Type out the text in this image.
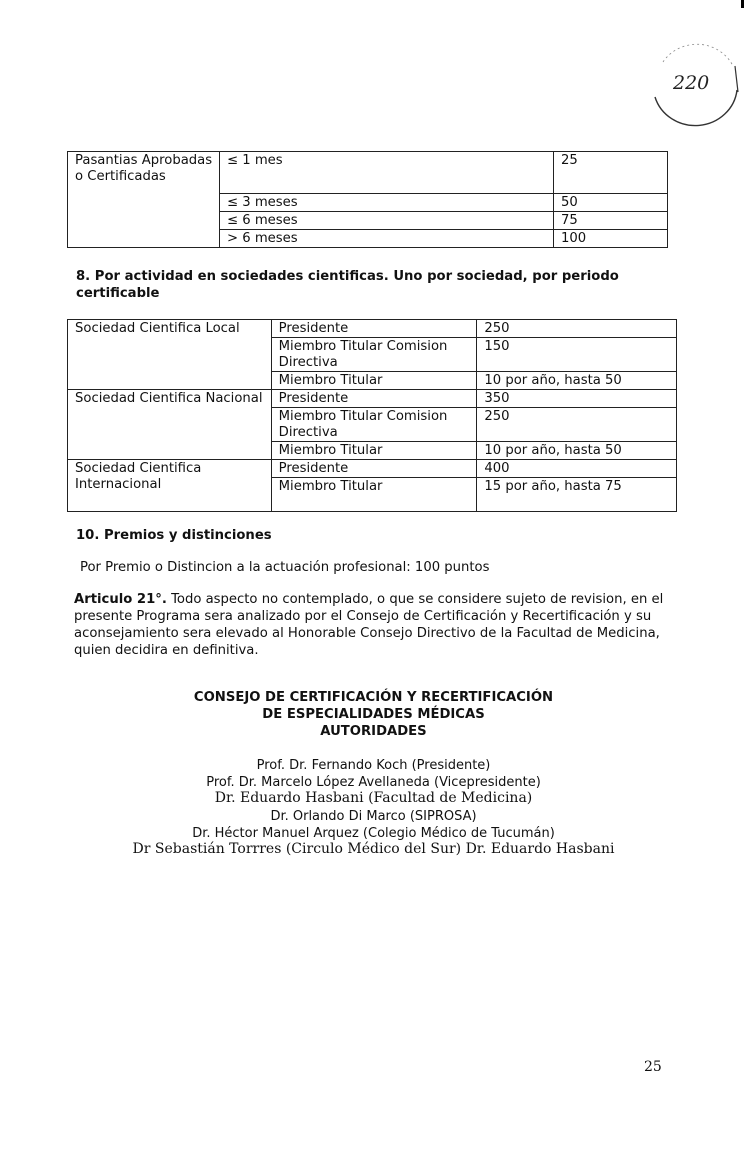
220
Pasantias Aprobadas o Certificadas	≤ 1 mes	25
	≤ 3 meses	50
	≤ 6 meses	75
	> 6 meses	100
8. Por actividad en sociedades cientificas. Uno por sociedad, por periodo certificable
Sociedad Cientifica Local	Presidente	250
	Miembro Titular Comision Directiva	150
	Miembro Titular	10 por año, hasta 50
Sociedad Cientifica Nacional	Presidente	350
	Miembro Titular Comision Directiva	250
	Miembro Titular	10 por año, hasta 50
Sociedad Cientifica Internacional	Presidente	400
	Miembro Titular	15 por año, hasta 75
10. Premios y distinciones
Por Premio o Distincion a la actuación profesional: 100 puntos
Articulo 21°. Todo aspecto no contemplado, o que se considere sujeto de revision, en el presente Programa sera analizado por el Consejo de Certificación y Recertificación y su aconsejamiento sera elevado al Honorable Consejo Directivo de la Facultad de Medicina, quien decidira en definitiva.
CONSEJO DE CERTIFICACIÓN Y RECERTIFICACIÓN
DE ESPECIALIDADES MÉDICAS
AUTORIDADES
Prof. Dr. Fernando Koch (Presidente)
Prof. Dr. Marcelo López Avellaneda (Vicepresidente)
Dr. Eduardo Hasbani (Facultad de Medicina)
Dr. Orlando Di Marco (SIPROSA)
Dr. Héctor Manuel Arquez (Colegio Médico de Tucumán)
Dr Sebastián Torrres (Circulo Médico del Sur) Dr. Eduardo Hasbani
25
